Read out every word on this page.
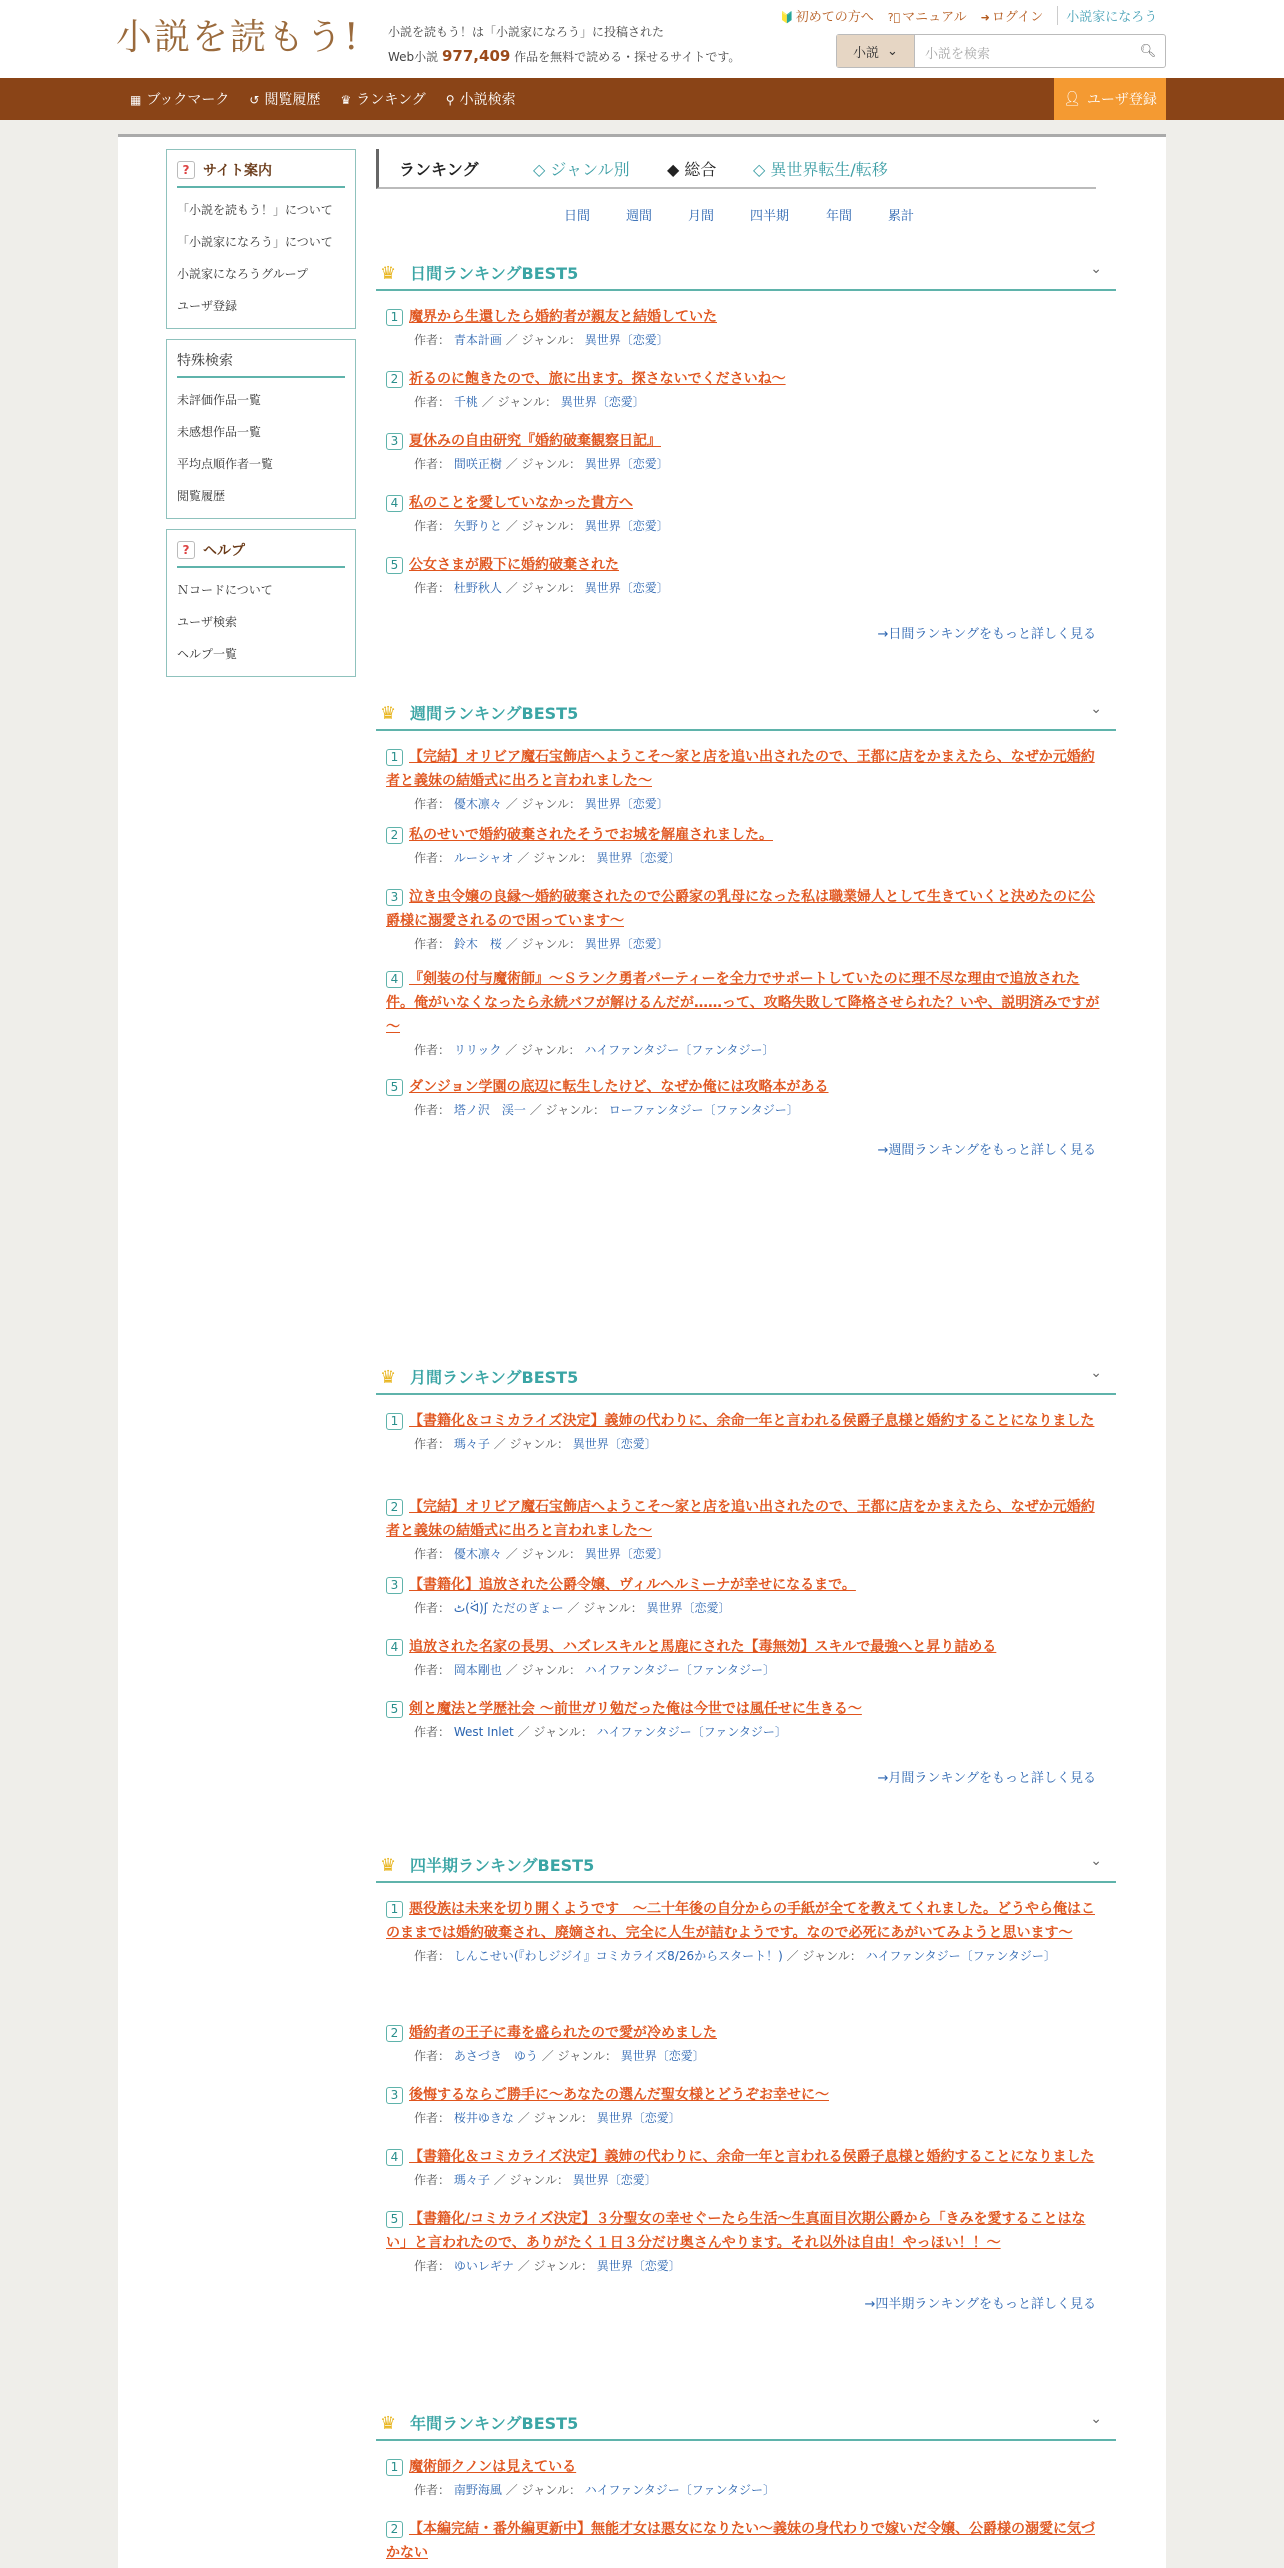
小説を読もう! 小説を読もう！は「小説家になろう」に投稿された
Web小説 977,409 作品を無料で読める・探せるサイトです。
🔰 初めての方へ ?⃝ マニュアル ➜ ログイン	小説家になろう
小説 ⌄	小説を検索	🔍︎
▦ ブックマーク ↺ 閲覧履歴 ♛ ランキング ⚲ 小説検索	👤︎ ユーザ登録
? サイト案内
「小説を読もう！」について
「小説家になろう」について
小説家になろうグループ
ユーザ登録
特殊検索
未評価作品一覧
未感想作品一覧
平均点順作者一覧
閲覧履歴
? ヘルプ
Ｎコードについて
ユーザ検索
ヘルプ一覧
ランキング	◇ ジャンル別 ◆ 総合 ◇ 異世界転生/転移
日間	週間	月間	四半期	年間	累計
♛ 日間ランキングBEST5	⌄
1 魔界から生還したら婚約者が親友と結婚していた
作者： 青本計画 ／ ジャンル： 異世界〔恋愛〕
2 祈るのに飽きたので、旅に出ます。探さないでくださいね～
作者： 千桃 ／ ジャンル： 異世界〔恋愛〕
3 夏休みの自由研究『婚約破棄観察日記』
作者： 間咲正樹 ／ ジャンル： 異世界〔恋愛〕
4 私のことを愛していなかった貴方へ
作者： 矢野りと ／ ジャンル： 異世界〔恋愛〕
5 公女さまが殿下に婚約破棄された
作者： 杜野秋人 ／ ジャンル： 異世界〔恋愛〕
→日間ランキングをもっと詳しく見る
♛ 週間ランキングBEST5	⌄
1 【完結】オリビア魔石宝飾店へようこそ～家と店を追い出されたので、王都に店をかまえたら、なぜか元婚約者と義妹の結婚式に出ろと言われました～
作者： 優木凛々 ／ ジャンル： 異世界〔恋愛〕
2 私のせいで婚約破棄されたそうでお城を解雇されました。
作者： ルーシャオ ／ ジャンル： 異世界〔恋愛〕
3 泣き虫令嬢の良縁〜婚約破棄されたので公爵家の乳母になった私は職業婦人として生きていくと決めたのに公爵様に溺愛されるので困っています〜
作者： 鈴木　桜 ／ ジャンル： 異世界〔恋愛〕
4 『剣装の付与魔術師』～Ｓランク勇者パーティーを全力でサポートしていたのに理不尽な理由で追放された件。俺がいなくなったら永続バフが解けるんだが……って、攻略失敗して降格させられた？いや、説明済みですが～
作者： リリック ／ ジャンル： ハイファンタジー〔ファンタジー〕
5 ダンジョン学園の底辺に転生したけど、なぜか俺には攻略本がある
作者： 塔ノ沢　渓一 ／ ジャンル： ローファンタジー〔ファンタジー〕
→週間ランキングをもっと詳しく見る
♛ 月間ランキングBEST5	⌄
1 【書籍化＆コミカライズ決定】義姉の代わりに、余命一年と言われる侯爵子息様と婚約することになりました
作者： 瑪々子 ／ ジャンル： 異世界〔恋愛〕
2 【完結】オリビア魔石宝飾店へようこそ～家と店を追い出されたので、王都に店をかまえたら、なぜか元婚約者と義妹の結婚式に出ろと言われました～
作者： 優木凛々 ／ ジャンル： 異世界〔恋愛〕
3 【書籍化】追放された公爵令嬢、ヴィルヘルミーナが幸せになるまで。
作者： ٹ(ᐛ)ʃ ただのぎょー ／ ジャンル： 異世界〔恋愛〕
4 追放された名家の長男、ハズレスキルと馬鹿にされた【毒無効】スキルで最強へと昇り詰める
作者： 岡本剛也 ／ ジャンル： ハイファンタジー〔ファンタジー〕
5 剣と魔法と学歴社会 〜前世ガリ勉だった俺は今世では風任せに生きる〜
作者： West Inlet ／ ジャンル： ハイファンタジー〔ファンタジー〕
→月間ランキングをもっと詳しく見る
♛ 四半期ランキングBEST5	⌄
1 悪役族は未来を切り開くようです　～二十年後の自分からの手紙が全てを教えてくれました。どうやら俺はこのままでは婚約破棄され、廃嫡され、完全に人生が詰むようです。なので必死にあがいてみようと思います～
作者： しんこせい(『わしジジイ』コミカライズ8/26からスタート！) ／ ジャンル： ハイファンタジー〔ファンタジー〕
2 婚約者の王子に毒を盛られたので愛が冷めました
作者： あさづき　ゆう ／ ジャンル： 異世界〔恋愛〕
3 後悔するならご勝手に～あなたの選んだ聖女様とどうぞお幸せに～
作者： 桜井ゆきな ／ ジャンル： 異世界〔恋愛〕
4 【書籍化＆コミカライズ決定】義姉の代わりに、余命一年と言われる侯爵子息様と婚約することになりました
作者： 瑪々子 ／ ジャンル： 異世界〔恋愛〕
5 【書籍化/コミカライズ決定】３分聖女の幸せぐーたら生活〜生真面目次期公爵から「きみを愛することはない」と言われたので、ありがたく１日３分だけ奥さんやります。それ以外は自由！やっほい！！〜
作者： ゆいレギナ ／ ジャンル： 異世界〔恋愛〕
→四半期ランキングをもっと詳しく見る
♛ 年間ランキングBEST5	⌄
1 魔術師クノンは見えている
作者： 南野海風 ／ ジャンル： ハイファンタジー〔ファンタジー〕
2 【本編完結・番外編更新中】無能才女は悪女になりたい～義妹の身代わりで嫁いだ令嬢、公爵様の溺愛に気づかない
